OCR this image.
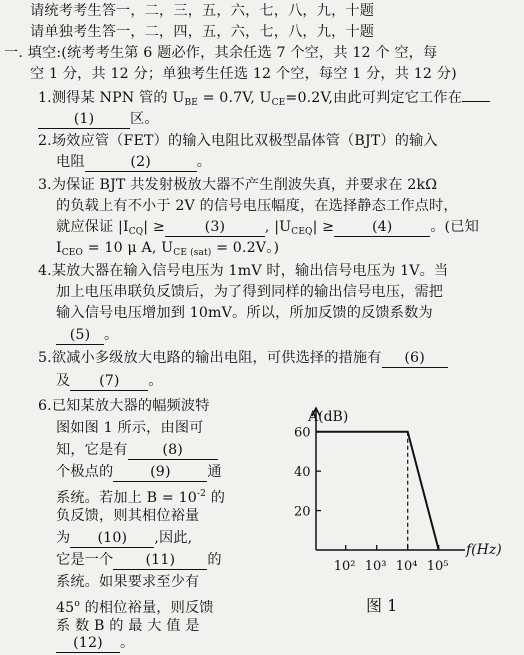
请统考考生答一，二，三，五，六，七，八，九，十题
请单独考生答一，二，四，五，六，七，八，九，十题
一. 填空:(统考考生第 6 题必作，其余任选 7 个空，共 12 个 空，每
空 1 分，共 12 分；单独考生任选 12 个空，每空 1 分，共 12 分)
1.测得某 NPN 管的 $U_{BE} = 0.7V$, $U_{CE}=0.2V$,由此可判定它工作在
(1)	区。
2.场效应管（FET）的输入电阻比双极型晶体管（BJT）的输入
电阻	(2)	。
3.为保证 BJT 共发射极放大器不产生削波失真，并要求在 2kΩ
的负载上有不小于 2V 的信号电压幅度，在选择静态工作点时，
就应保证 $|I_{CQ}|$ ≥	(3)	, $|U_{CEQ}|$ ≥	(4)	。(已知
$I_{CEO} = 10$ μ A, $U_{CE (sat)} = 0.2V$。)
4.某放大器在输入信号电压为 1mV 时，输出信号电压为 1V。当
加上电压串联负反馈后，为了得到同样的输出信号电压，需把
输入信号电压增加到 10mV。所以，所加反馈的反馈系数为
(5) 。
5.欲减小多级放大电路的输出电阻，可供选择的措施有 (6)
及 (7) 。
6.已知某放大器的幅频波特
图如图 1 所示，由图可
知，它是有 (8)
个极点的	(9)	通
系统。若加上 $B = 10^{-2}$ 的
负反馈，则其相位裕量
为 (10) ,因此,
它是一个 (11) 的
系统。如果要求至少有
45$^o$ 的相位裕量，则反馈
系 数 B 的 最 大 值 是
(12) 。
20
40
60
10² 10³ 10⁴ 10⁵
A(dB)
f(Hz)
图 1
